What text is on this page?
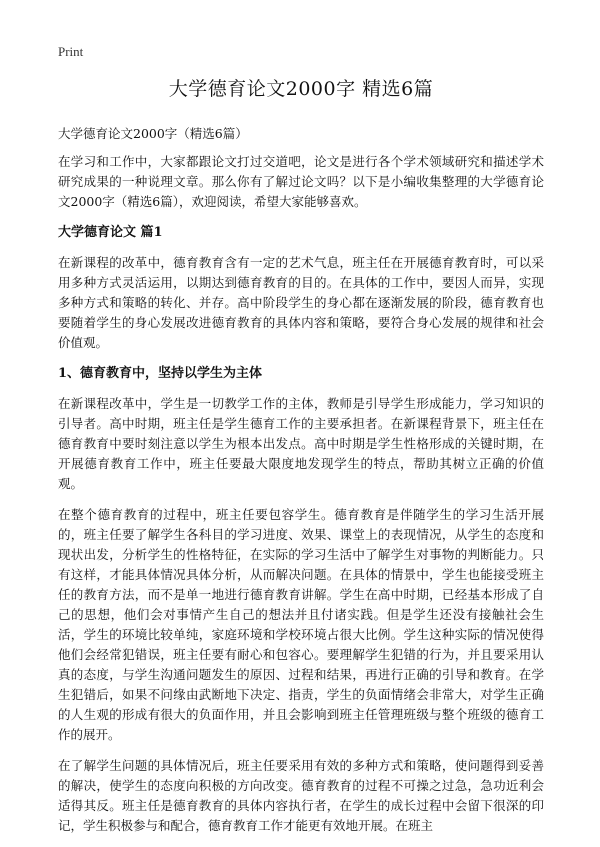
Print
大学德育论文2000字 精选6篇
大学德育论文2000字（精选6篇）

在学习和工作中，大家都跟论文打过交道吧，论文是进行各个学术领域研究和描述学术研究成果的一种说理文章。那么你有了解过论文吗？以下是小编收集整理的大学德育论文2000字（精选6篇），欢迎阅读，希望大家能够喜欢。

大学德育论文 篇1

在新课程的改革中，德育教育含有一定的艺术气息，班主任在开展德育教育时，可以采用多种方式灵活运用，以期达到德育教育的目的。在具体的工作中，要因人而异，实现多种方式和策略的转化、并存。高中阶段学生的身心都在逐渐发展的阶段，德育教育也要随着学生的身心发展改进德育教育的具体内容和策略，要符合身心发展的规律和社会价值观。

1、德育教育中，坚持以学生为主体

在新课程改革中，学生是一切教学工作的主体，教师是引导学生形成能力，学习知识的引导者。高中时期，班主任是学生德育工作的主要承担者。在新课程背景下，班主任在德育教育中要时刻注意以学生为根本出发点。高中时期是学生性格形成的关键时期，在开展德育教育工作中，班主任要最大限度地发现学生的特点，帮助其树立正确的价值观。

在整个德育教育的过程中，班主任要包容学生。德育教育是伴随学生的学习生活开展的，班主任要了解学生各科目的学习进度、效果、课堂上的表现情况，从学生的态度和现状出发，分析学生的性格特征，在实际的学习生活中了解学生对事物的判断能力。只有这样，才能具体情况具体分析，从而解决问题。在具体的情景中，学生也能接受班主任的教育方法，而不是单一地进行德育教育讲解。学生在高中时期，已经基本形成了自己的思想，他们会对事情产生自己的想法并且付诸实践。但是学生还没有接触社会生活，学生的环境比较单纯，家庭环境和学校环境占很大比例。学生这种实际的情况使得他们会经常犯错误，班主任要有耐心和包容心。要理解学生犯错的行为，并且要采用认真的态度，与学生沟通问题发生的原因、过程和结果，再进行正确的引导和教育。在学生犯错后，如果不问缘由武断地下决定、指责，学生的负面情绪会非常大，对学生正确的人生观的形成有很大的负面作用，并且会影响到班主任管理班级与整个班级的德育工作的展开。

在了解学生问题的具体情况后，班主任要采用有效的多种方式和策略，使问题得到妥善的解决，使学生的态度向积极的方向改变。德育教育的过程不可操之过急，急功近利会适得其反。班主任是德育教育的具体内容执行者，在学生的成长过程中会留下很深的印记，学生积极参与和配合，德育教育工作才能更有效地开展。在班主
